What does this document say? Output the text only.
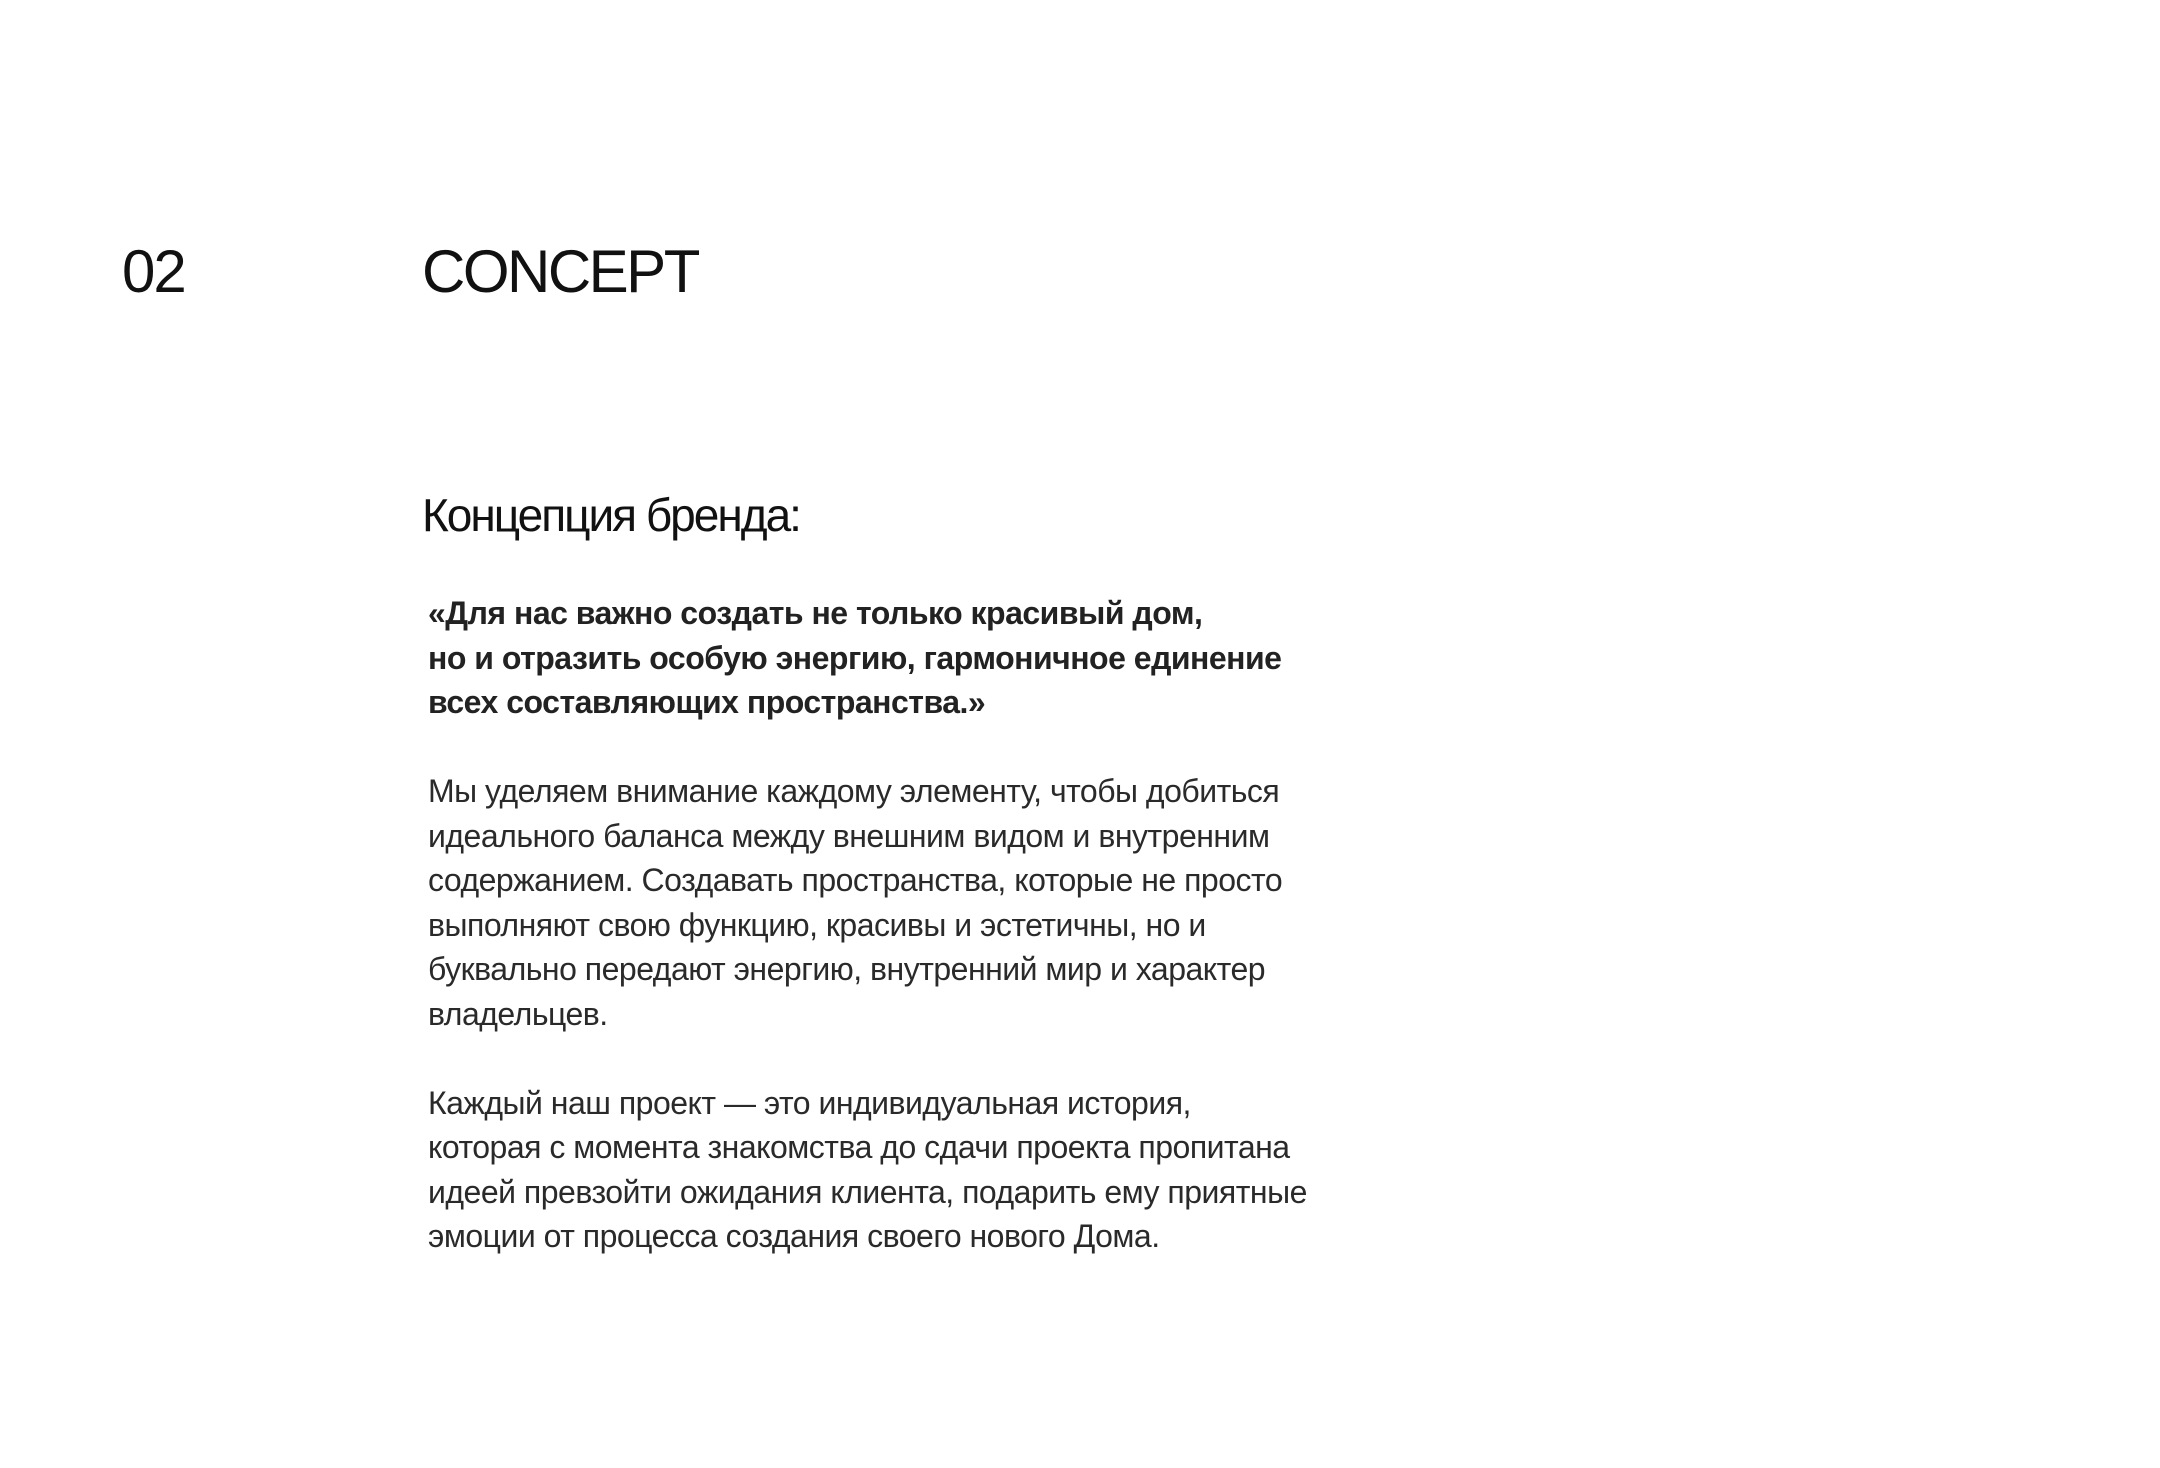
02	CONCEPT
Концепция бренда:

«Для нас важно создать не только красивый дом,

но и отразить особую энергию, гармоничное единение

всех составляющих пространства.»

Мы уделяем внимание каждому элементу, чтобы добиться

идеального баланса между внешним видом и внутренним

содержанием. Создавать пространства, которые не просто

выполняют свою функцию, красивы и эстетичны, но и

буквально передают энергию, внутренний мир и характер

владельцев.

Каждый наш проект — это индивидуальная история,

которая с момента знакомства до сдачи проекта пропитана

идеей превзойти ожидания клиента, подарить ему приятные

эмоции от процесса создания своего нового Дома.
